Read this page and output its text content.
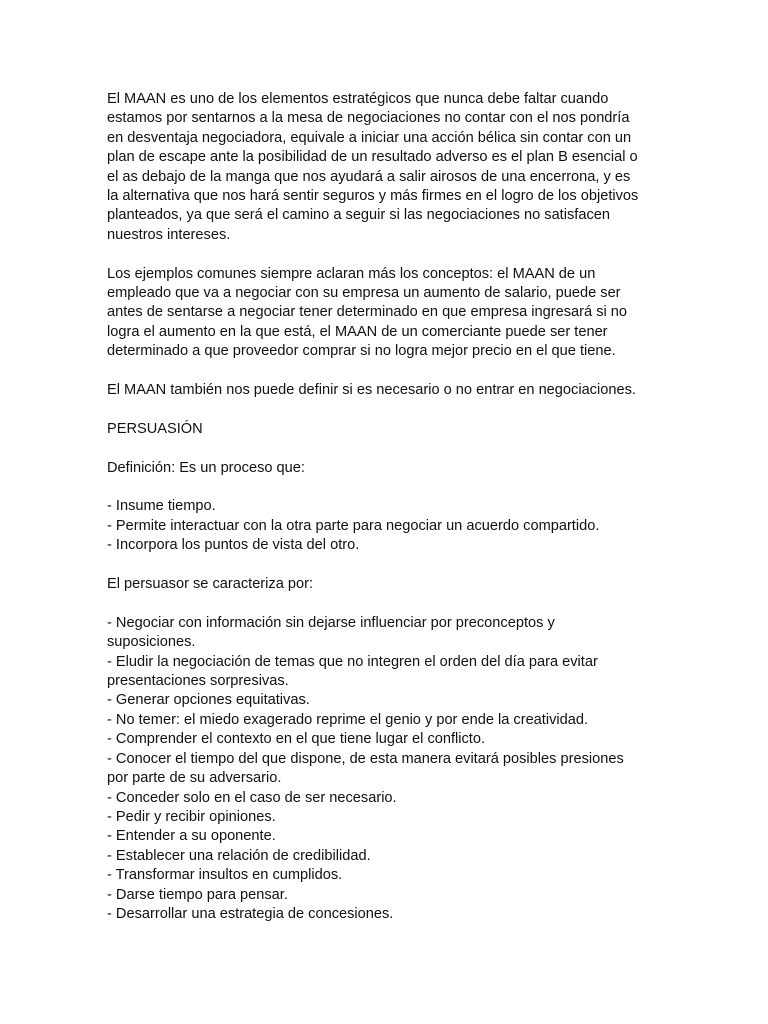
El MAAN es uno de los elementos estratégicos que nunca debe faltar cuando
estamos por sentarnos a la mesa de negociaciones no contar con el nos pondría
en desventaja negociadora, equivale a iniciar una acción bélica sin contar con un
plan de escape ante la posibilidad de un resultado adverso es el plan B esencial o
el as debajo de la manga que nos ayudará a salir airosos de una encerrona, y es
la alternativa que nos hará sentir seguros y más firmes en el logro de los objetivos
planteados, ya que será el camino a seguir si las negociaciones no satisfacen
nuestros intereses.

Los ejemplos comunes siempre aclaran más los conceptos: el MAAN de un
empleado que va a negociar con su empresa un aumento de salario, puede ser
antes de sentarse a negociar tener determinado en que empresa ingresará si no
logra el aumento en la que está, el MAAN de un comerciante puede ser tener
determinado a que proveedor comprar si no logra mejor precio en el que tiene.

El MAAN también nos puede definir si es necesario o no entrar en negociaciones.

PERSUASIÓN

Definición: Es un proceso que:

- Insume tiempo.
- Permite interactuar con la otra parte para negociar un acuerdo compartido.
- Incorpora los puntos de vista del otro.

El persuasor se caracteriza por:

- Negociar con información sin dejarse influenciar por preconceptos y
suposiciones.
- Eludir la negociación de temas que no integren el orden del día para evitar
presentaciones sorpresivas.
- Generar opciones equitativas.
- No temer: el miedo exagerado reprime el genio y por ende la creatividad.
- Comprender el contexto en el que tiene lugar el conflicto.
- Conocer el tiempo del que dispone, de esta manera evitará posibles presiones
por parte de su adversario.
- Conceder solo en el caso de ser necesario.
- Pedir y recibir opiniones.
- Entender a su oponente.
- Establecer una relación de credibilidad.
- Transformar insultos en cumplidos.
- Darse tiempo para pensar.
- Desarrollar una estrategia de concesiones.
